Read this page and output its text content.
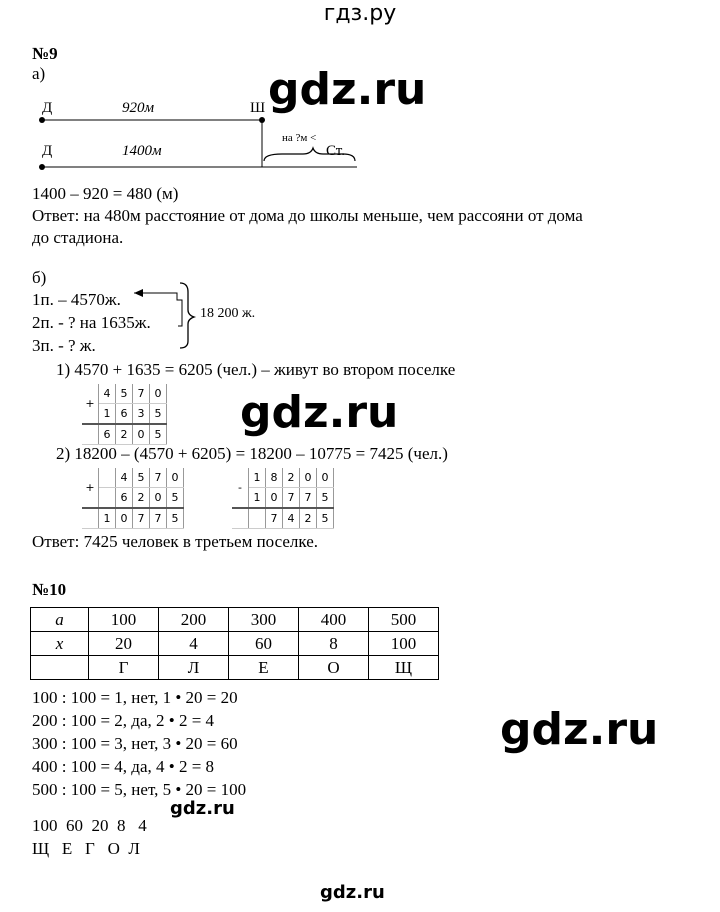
гдз.ру
№9
а)
Д	920м	Ш
Д	1400м
на ?м <
Ст.
1400 – 920 = 480 (м)
Ответ: на 480м расстояние от дома до школы меньше, чем рассояни от дома
до стадиона.
б)
1п. – 4570ж.
2п. - ? на 1635ж.
3п. - ? ж.
18 200 ж.
1) 4570 + 1635 = 6205 (чел.) – живут во втором поселке
+	4	5	7	0
	1	6	3	5
	6	2	0	5
2) 18200 – (4570 + 6205) = 18200 – 10775 = 7425 (чел.)
+		4	5	7	0
		6	2	0	5
	1	0	7	7	5
-	1	8	2	0	0
	1	0	7	7	5
		7	4	2	5
Ответ: 7425 человек в третьем поселке.
№10
а	100	200	300	400	500
х	20	4	60	8	100
	Г	Л	Е	О	Щ
100 : 100 = 1, нет, 1 • 20 = 20
200 : 100 = 2, да, 2 • 2 = 4
300 : 100 = 3, нет, 3 • 20 = 60
400 : 100 = 4, да, 4 • 2 = 8
500 : 100 = 5, нет, 5 • 20 = 100
100  60  20  8   4
Щ   Е   Г   О  Л
gdz.ru
gdz.ru
gdz.ru
gdz.ru
gdz.ru
